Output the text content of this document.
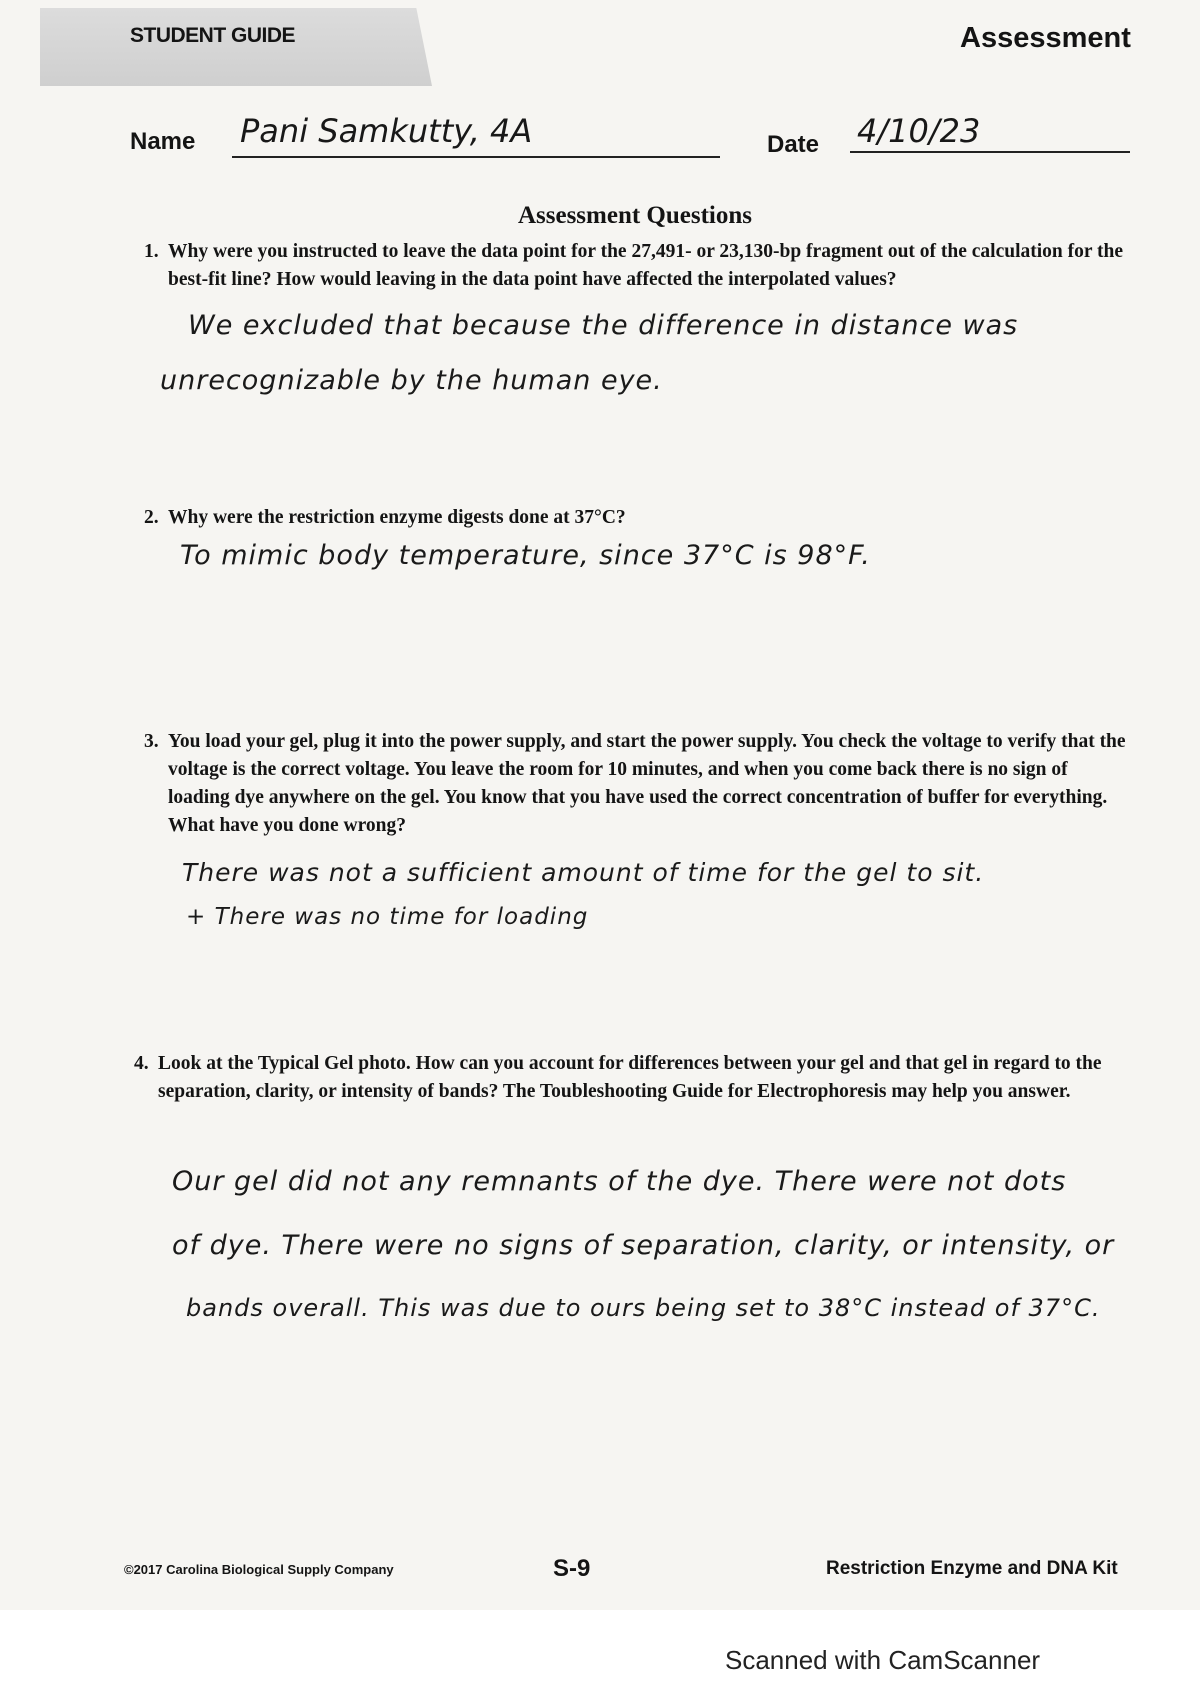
STUDENT GUIDE	Assessment
Name Pani Samkutty, 4A	Date 4/10/23
Assessment Questions
1. Why were you instructed to leave the data point for the 27,491- or 23,130-bp fragment out of the calculation for the best-fit line? How would leaving in the data point have affected the interpolated values?
We excluded that because the difference in distance was
unrecognizable by the human eye.
2. Why were the restriction enzyme digests done at 37°C?
To mimic body temperature, since 37°C is 98°F.
3. You load your gel, plug it into the power supply, and start the power supply. You check the voltage to verify that the voltage is the correct voltage. You leave the room for 10 minutes, and when you come back there is no sign of loading dye anywhere on the gel. You know that you have used the correct concentration of buffer for everything. What have you done wrong?
There was not a sufficient amount of time for the gel to sit.
+ There was no time for loading
4. Look at the Typical Gel photo. How can you account for differences between your gel and that gel in regard to the separation, clarity, or intensity of bands? The Toubleshooting Guide for Electrophoresis may help you answer.
Our gel did not any remnants of the dye. There were not dots
of dye. There were no signs of separation, clarity, or intensity, or
bands overall. This was due to ours being set to 38°C instead of 37°C.
©2017 Carolina Biological Supply Company	S-9	Restriction Enzyme and DNA Kit
Scanned with CamScanner
